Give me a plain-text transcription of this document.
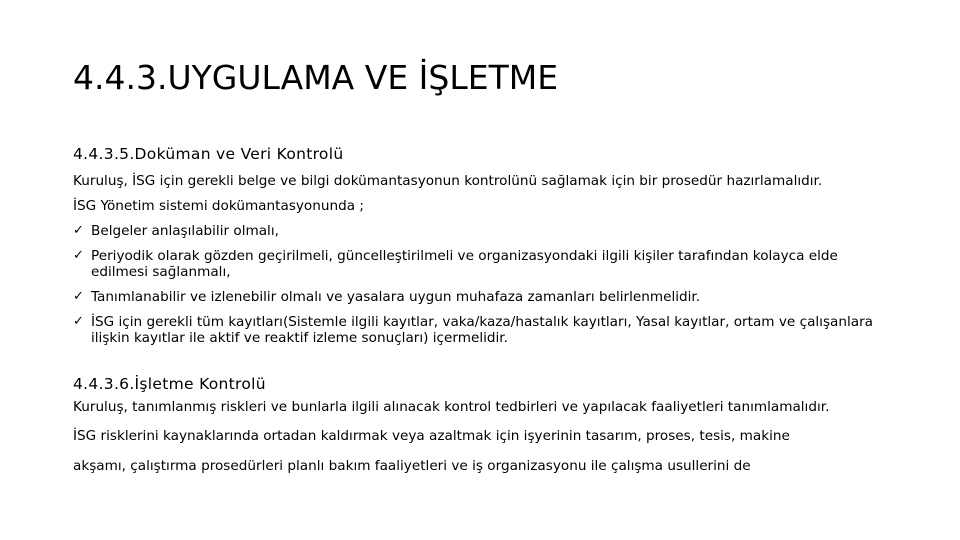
4.4.3.UYGULAMA VE İŞLETME

4.4.3.5.Doküman ve Veri Kontrolü

Kuruluş, İSG için gerekli belge ve bilgi dokümantasyonun kontrolünü sağlamak için bir prosedür hazırlamalıdır.

İSG Yönetim sistemi dokümantasyonunda ;

✓ Belgeler anlaşılabilir olmalı,
✓ Periyodik olarak gözden geçirilmeli, güncelleştirilmeli ve organizasyondaki ilgili kişiler tarafından kolayca elde edilmesi sağlanmalı,
✓ Tanımlanabilir ve izlenebilir olmalı ve yasalara uygun muhafaza zamanları belirlenmelidir.
✓ İSG için gerekli tüm kayıtları(Sistemle ilgili kayıtlar, vaka/kaza/hastalık kayıtları, Yasal kayıtlar, ortam ve çalışanlara ilişkin kayıtlar ile aktif ve reaktif izleme sonuçları) içermelidir.

4.4.3.6.İşletme Kontrolü

Kuruluş, tanımlanmış riskleri ve bunlarla ilgili alınacak kontrol tedbirleri ve yapılacak faaliyetleri tanımlamalıdır.

İSG risklerini kaynaklarında ortadan kaldırmak veya azaltmak için işyerinin tasarım, proses, tesis, makine

akşamı, çalıştırma prosedürleri planlı bakım faaliyetleri ve iş organizasyonu ile çalışma usullerini de
